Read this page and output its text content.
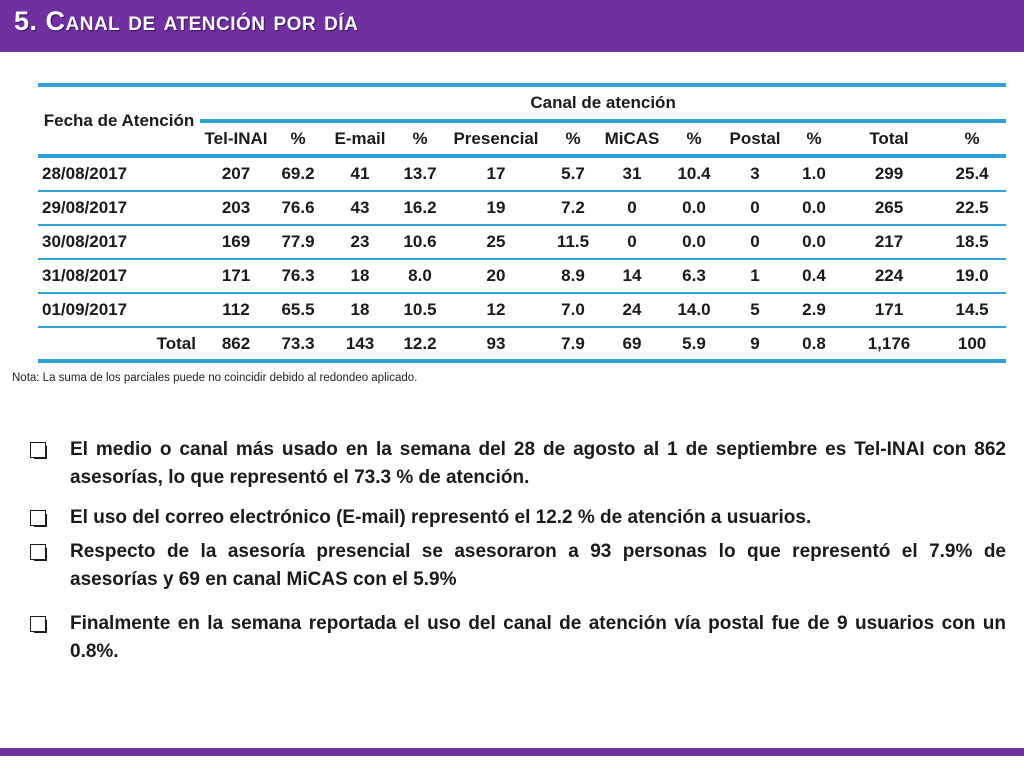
5. Canal de atención por día
Fecha de Atención	Canal de atención											
	Tel-INAI	%	E-mail	%	Presencial	%	MiCAS	%	Postal	%	Total	%
28/08/2017	207	69.2	41	13.7	17	5.7	31	10.4	3	1.0	299	25.4
29/08/2017	203	76.6	43	16.2	19	7.2	0	0.0	0	0.0	265	22.5
30/08/2017	169	77.9	23	10.6	25	11.5	0	0.0	0	0.0	217	18.5
31/08/2017	171	76.3	18	8.0	20	8.9	14	6.3	1	0.4	224	19.0
01/09/2017	112	65.5	18	10.5	12	7.0	24	14.0	5	2.9	171	14.5
Total	862	73.3	143	12.2	93	7.9	69	5.9	9	0.8	1,176	100
Nota: La suma de los parciales puede no coincidir debido al redondeo aplicado.
El medio o canal más usado en la semana del 28 de agosto al 1 de septiembre es Tel-INAI con 862 asesorías, lo que representó el 73.3 % de atención.
El uso del correo electrónico (E-mail) representó el 12.2 % de atención a usuarios.
Respecto de la asesoría presencial se asesoraron a 93 personas lo que representó el 7.9% de asesorías y 69 en canal MiCAS con el 5.9%
Finalmente en la semana reportada el uso del canal de atención vía postal fue de 9 usuarios con un 0.8%.
